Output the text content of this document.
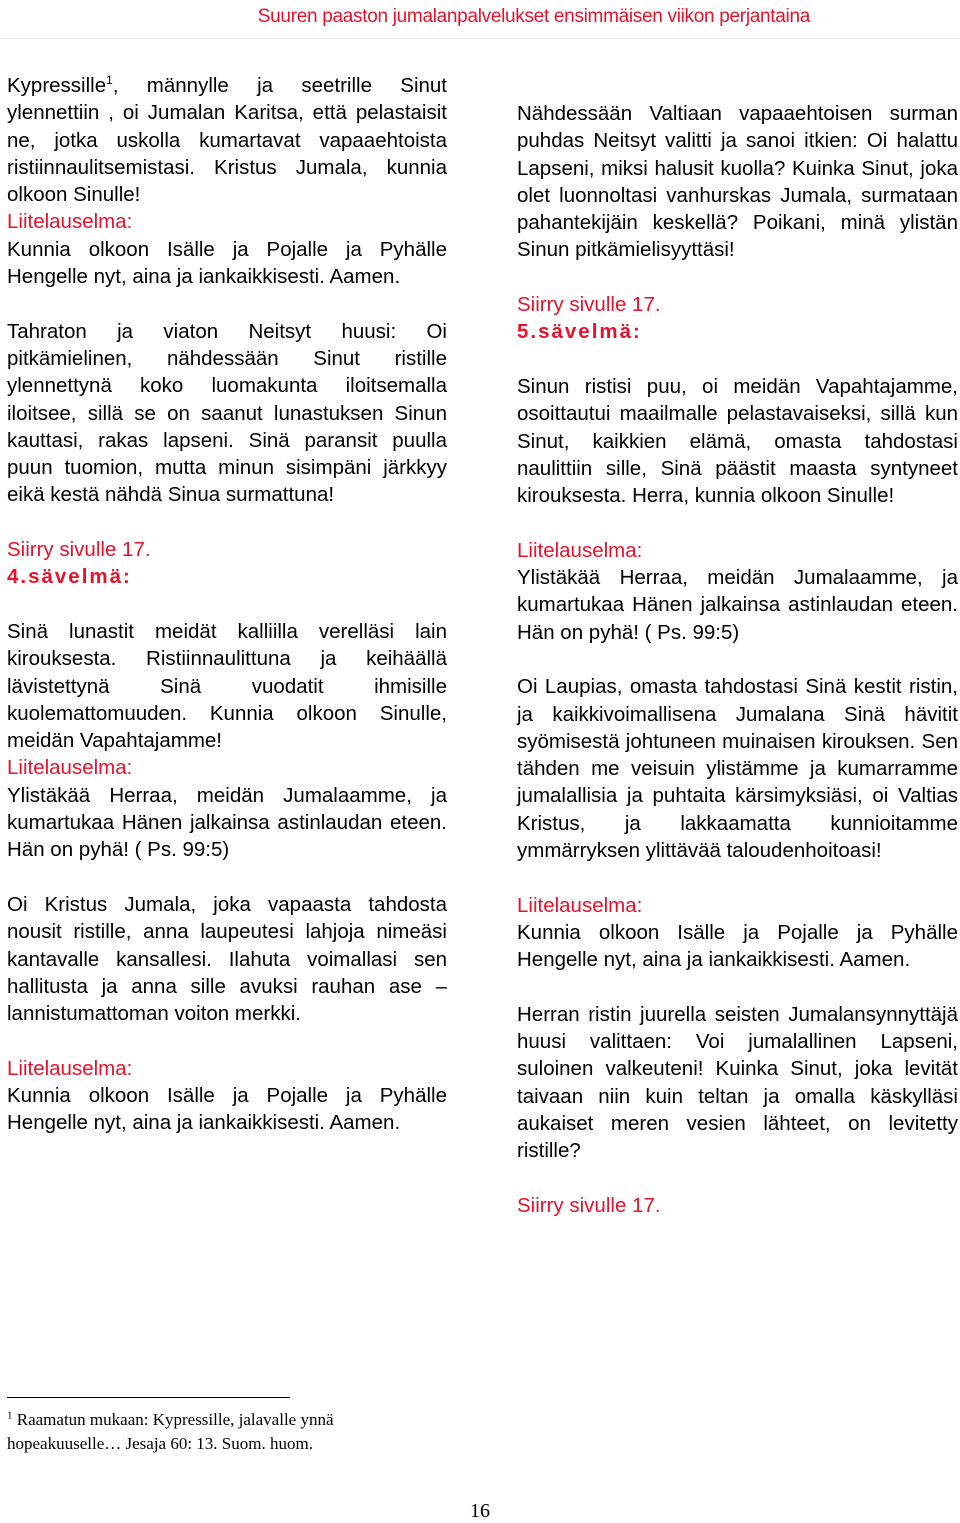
Suuren paaston jumalanpalvelukset ensimmäisen viikon perjantaina

Kypressille$^1$, männylle ja seetrille Sinut ylennettiin , oi Jumalan Karitsa, että pelastaisit ne, jotka uskolla kumartavat vapaaehtoista ristiinnaulitsemistasi. Kristus Jumala, kunnia olkoon Sinulle!

Liitelauselma:

Kunnia olkoon Isälle ja Pojalle ja Pyhälle Hengelle nyt, aina ja iankaikkisesti. Aamen.

Tahraton ja viaton Neitsyt huusi: Oi pitkämielinen, nähdessään Sinut ristille ylennettynä koko luomakunta iloitsemalla iloitsee, sillä se on saanut lunastuksen Sinun kauttasi, rakas lapseni. Sinä paransit puulla puun tuomion, mutta minun sisimpäni järkkyy eikä kestä nähdä Sinua surmattuna!

Siirry sivulle 17.

4.sävelmä:

Sinä lunastit meidät kalliilla verelläsi lain kirouksesta. Ristiinnaulittuna ja keihäällä lävistettynä Sinä vuodatit ihmisille kuolemattomuuden. Kunnia olkoon Sinulle, meidän Vapahtajamme!

Liitelauselma:

Ylistäkää Herraa, meidän Jumalaamme, ja kumartukaa Hänen jalkainsa astinlaudan eteen. Hän on pyhä! ( Ps. 99:5)

Oi Kristus Jumala, joka vapaasta tahdosta nousit ristille, anna laupeutesi lahjoja nimeäsi kantavalle kansallesi. Ilahuta voimallasi sen hallitusta ja anna sille avuksi rauhan ase – lannistumattoman voiton merkki.

Liitelauselma:

Kunnia olkoon Isälle ja Pojalle ja Pyhälle Hengelle nyt, aina ja iankaikkisesti. Aamen.

Nähdessään Valtiaan vapaaehtoisen surman puhdas Neitsyt valitti ja sanoi itkien: Oi halattu Lapseni, miksi halusit kuolla? Kuinka Sinut, joka olet luonnoltasi vanhurskas Jumala, surmataan pahantekijäin keskellä? Poikani, minä ylistän Sinun pitkämielisyyttäsi!

Siirry sivulle 17.

5.sävelmä:

Sinun ristisi puu, oi meidän Vapahtajamme, osoittautui maailmalle pelastavaiseksi, sillä kun Sinut, kaikkien elämä, omasta tahdostasi naulittiin sille, Sinä päästit maasta syntyneet kirouksesta. Herra, kunnia olkoon Sinulle!

Liitelauselma:

Ylistäkää Herraa, meidän Jumalaamme, ja kumartukaa Hänen jalkainsa astinlaudan eteen. Hän on pyhä! ( Ps. 99:5)

Oi Laupias, omasta tahdostasi Sinä kestit ristin, ja kaikkivoimallisena Jumalana Sinä hävitit syömisestä johtuneen muinaisen kirouksen. Sen tähden me veisuin ylistämme ja kumarramme jumalallisia ja puhtaita kärsimyksiäsi, oi Valtias Kristus, ja lakkaamatta kunnioitamme ymmärryksen ylittävää taloudenhoitoasi!

Liitelauselma:

Kunnia olkoon Isälle ja Pojalle ja Pyhälle Hengelle nyt, aina ja iankaikkisesti. Aamen.

Herran ristin juurella seisten Jumalansynnyttäjä huusi valittaen: Voi jumalallinen Lapseni, suloinen valkeuteni! Kuinka Sinut, joka levität taivaan niin kuin teltan ja omalla käskylläsi aukaiset meren vesien lähteet, on levitetty ristille?

Siirry sivulle 17.

$^1$ Raamatun mukaan: Kypressille, jalavalle ynnä hopeakuuselle… Jesaja 60: 13. Suom. huom.
16
